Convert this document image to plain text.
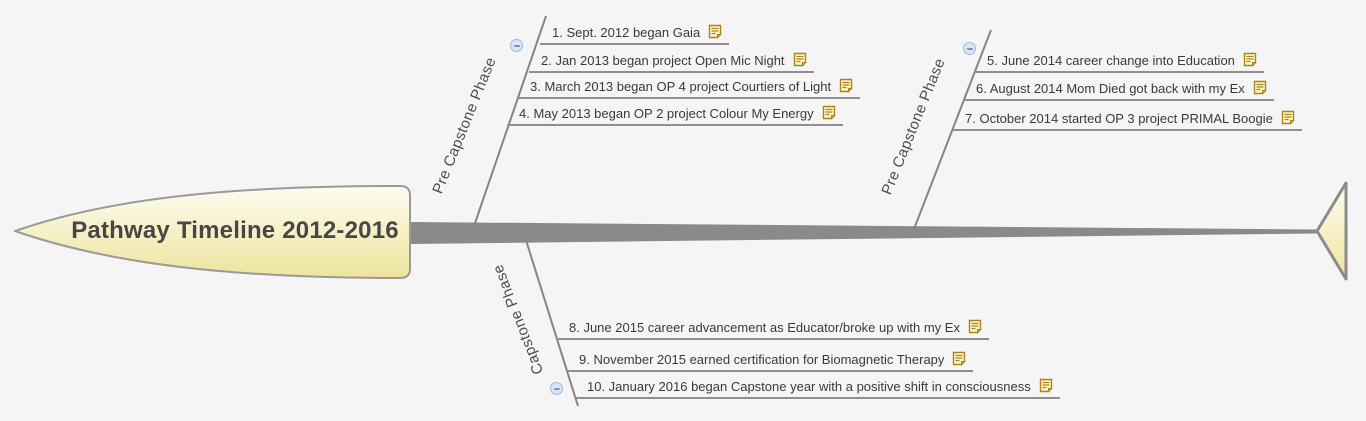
Pathway Timeline 2012-2016
Pre Capstone Phase	Pre Capstone Phase
Capstone Phase
1. Sept. 2012 began Gaia
2. Jan 2013 began project Open Mic Night
3. March 2013 began OP 4 project Courtiers of Light
4. May 2013 began OP 2 project Colour My Energy
5. June 2014 career change into Education
6. August 2014 Mom Died got back with my Ex
7. October 2014 started OP 3 project PRIMAL Boogie
8. June 2015 career advancement as Educator/broke up with my Ex
9. November 2015 earned certification for Biomagnetic Therapy
10. January 2016 began Capstone year with a positive shift in consciousness
